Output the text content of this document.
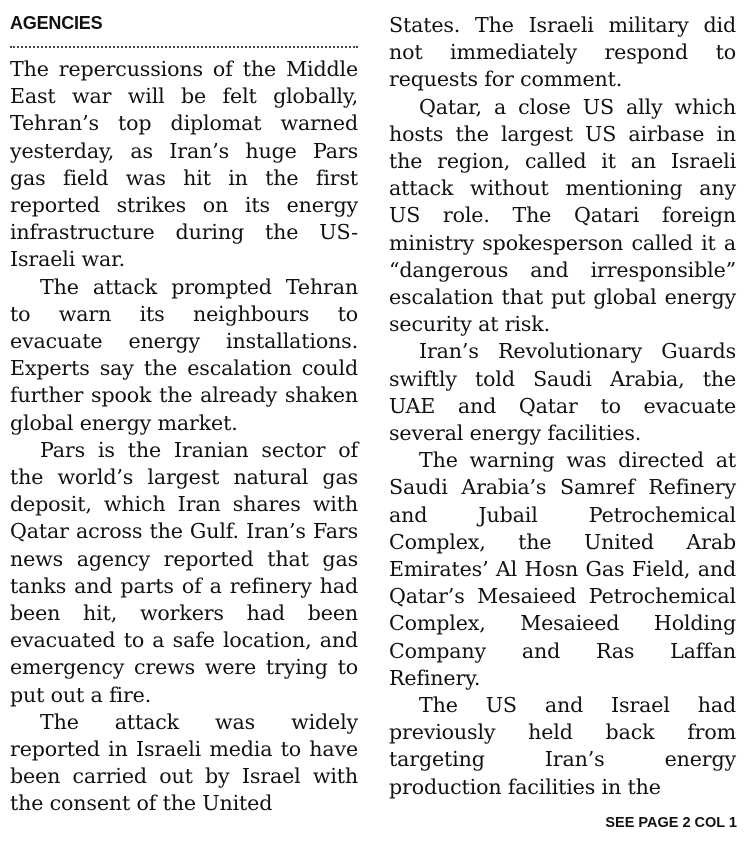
AGENCIES

The repercussions of the Middle East war will be felt globally, Tehran’s top diplomat warned yesterday, as Iran’s huge Pars gas field was hit in the first reported strikes on its energy infrastructure during the US-Israeli war.

The attack prompted Tehran to warn its neighbours to evacuate energy installations. Experts say the escalation could further spook the already shaken global energy market.

Pars is the Iranian sector of the world’s largest natural gas deposit, which Iran shares with Qatar across the Gulf. Iran’s Fars news agency reported that gas tanks and parts of a refinery had been hit, workers had been evacuated to a safe location, and emergency crews were trying to put out a fire.

The attack was widely reported in Israeli media to have been carried out by Israel with the consent of the United

States. The Israeli military did not immediately respond to requests for comment.

Qatar, a close US ally which hosts the largest US airbase in the region, called it an Israeli attack without mentioning any US role. The Qatari foreign ministry spokesperson called it a “dangerous and irresponsible” escalation that put global energy security at risk.

Iran’s Revolutionary Guards swiftly told Saudi Arabia, the UAE and Qatar to evacuate several energy facilities.

The warning was directed at Saudi Arabia’s Samref Refinery and Jubail Petrochemical Complex, the United Arab Emirates’ Al Hosn Gas Field, and Qatar’s Mesaieed Petrochemical Complex, Mesaieed Holding Company and Ras Laffan Refinery.

The US and Israel had previously held back from targeting Iran’s energy production facilities in the

SEE PAGE 2 COL 1
